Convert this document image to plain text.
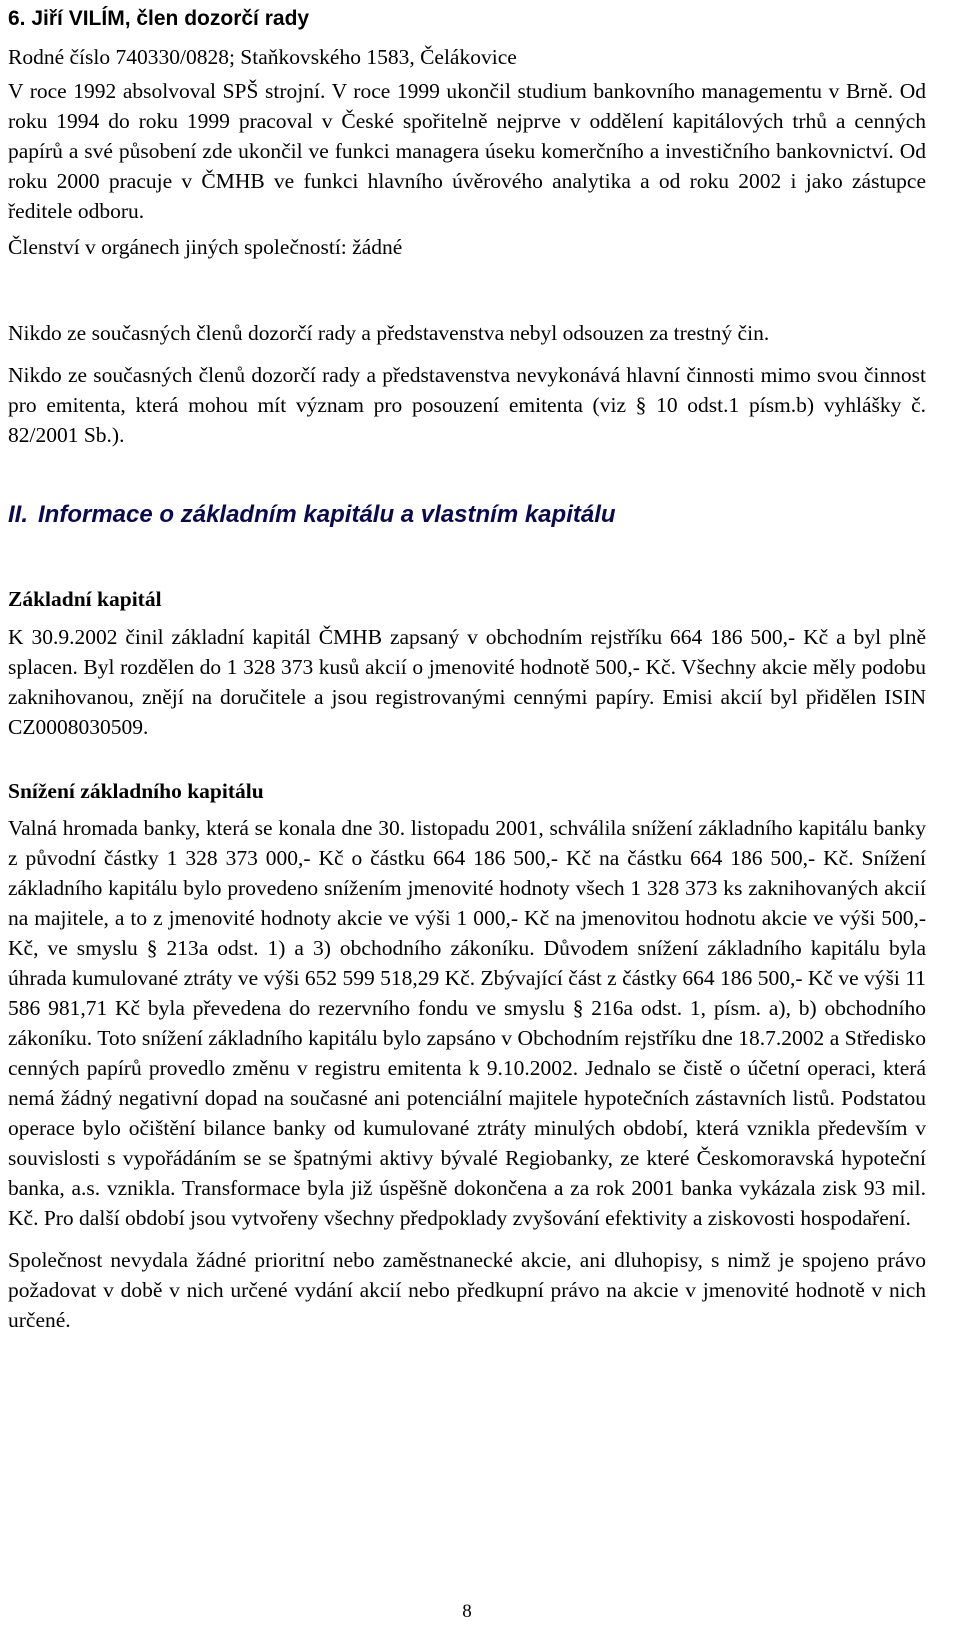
6. Jiří VILÍM, člen dozorčí rady

Rodné číslo 740330/0828; Staňkovského 1583, Čelákovice

V roce 1992 absolvoval SPŠ strojní. V roce 1999 ukončil studium bankovního managementu v Brně. Od roku 1994 do roku 1999 pracoval v České spořitelně nejprve v oddělení kapitálových trhů a cenných papírů a své působení zde ukončil ve funkci managera úseku komerčního a investičního bankovnictví. Od roku 2000 pracuje v ČMHB ve funkci hlavního úvěrového analytika a od roku 2002 i jako zástupce ředitele odboru.

Členství v orgánech jiných společností: žádné

Nikdo ze současných členů dozorčí rady a představenstva nebyl odsouzen za trestný čin.

Nikdo ze současných členů dozorčí rady a představenstva nevykonává hlavní činnosti mimo svou činnost pro emitenta, která mohou mít význam pro posouzení emitenta (viz § 10 odst.1 písm.b) vyhlášky č. 82/2001 Sb.).

II. Informace o základním kapitálu a vlastním kapitálu
Základní kapitál

K 30.9.2002 činil základní kapitál ČMHB zapsaný v obchodním rejstříku 664 186 500,- Kč a byl plně splacen. Byl rozdělen do 1 328 373 kusů akcií o jmenovité hodnotě 500,- Kč. Všechny akcie měly podobu zaknihovanou, znějí na doručitele a jsou registrovanými cennými papíry. Emisi akcií byl přidělen ISIN CZ0008030509.

Snížení základního kapitálu

Valná hromada banky, která se konala dne 30. listopadu 2001, schválila snížení základního kapitálu banky z původní částky 1 328 373 000,- Kč o částku 664 186 500,- Kč na částku 664 186 500,- Kč. Snížení základního kapitálu bylo provedeno snížením jmenovité hodnoty všech 1 328 373 ks zaknihovaných akcií na majitele, a to z jmenovité hodnoty akcie ve výši 1 000,- Kč na jmenovitou hodnotu akcie ve výši 500,- Kč, ve smyslu § 213a odst. 1) a 3) obchodního zákoníku. Důvodem snížení základního kapitálu byla úhrada kumulované ztráty ve výši 652 599 518,29 Kč. Zbývající část z částky 664 186 500,- Kč ve výši 11 586 981,71 Kč byla převedena do rezervního fondu ve smyslu § 216a odst. 1, písm. a), b) obchodního zákoníku. Toto snížení základního kapitálu bylo zapsáno v Obchodním rejstříku dne 18.7.2002 a Středisko cenných papírů provedlo změnu v registru emitenta k 9.10.2002. Jednalo se čistě o účetní operaci, která nemá žádný negativní dopad na současné ani potenciální majitele hypotečních zástavních listů. Podstatou operace bylo očištění bilance banky od kumulované ztráty minulých období, která vznikla především v souvislosti s vypořádáním se se špatnými aktivy bývalé Regiobanky, ze které Českomoravská hypoteční banka, a.s. vznikla. Transformace byla již úspěšně dokončena a za rok 2001 banka vykázala zisk 93 mil. Kč. Pro další období jsou vytvořeny všechny předpoklady zvyšování efektivity a ziskovosti hospodaření.

Společnost nevydala žádné prioritní nebo zaměstnanecké akcie, ani dluhopisy, s nimž je spojeno právo požadovat v době v nich určené vydání akcií nebo předkupní právo na akcie v jmenovité hodnotě v nich určené.

8
